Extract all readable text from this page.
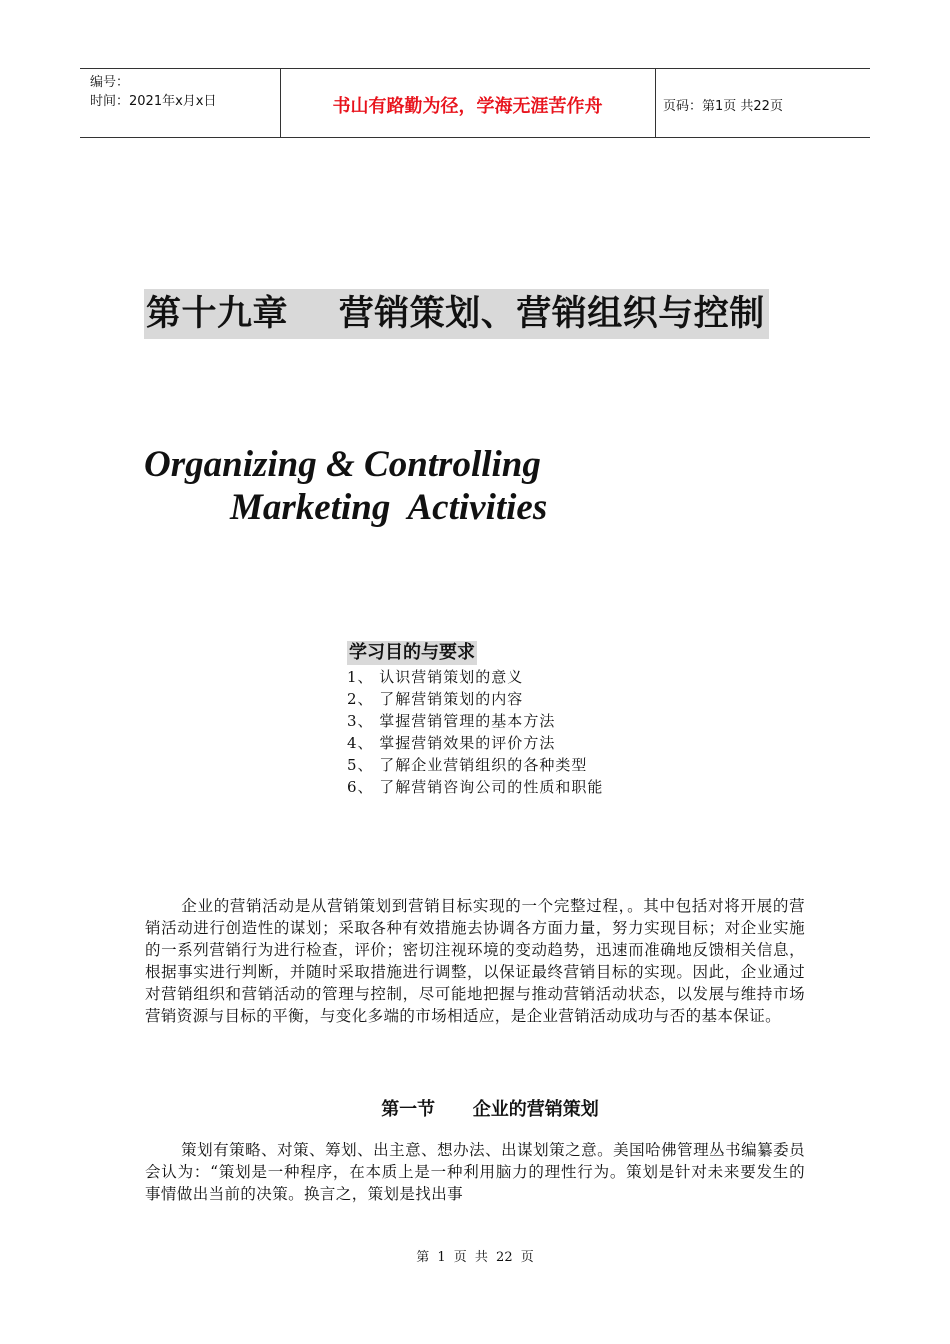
编号：
时间：2021年x月x日	书山有路勤为径，学海无涯苦作舟	页码：第1页 共22页
第十九章    营销策划、营销组织与控制
Organizing & Controlling
Marketing  Activities
学习目的与要求
1、 认识营销策划的意义
2、 了解营销策划的内容
3、 掌握营销管理的基本方法
4、 掌握营销效果的评价方法
5、 了解企业营销组织的各种类型
6、 了解营销咨询公司的性质和职能

企业的营销活动是从营销策划到营销目标实现的一个完整过程，。其中包括对将开展的营销活动进行创造性的谋划；采取各种有效措施去协调各方面力量，努力实现目标；对企业实施的一系列营销行为进行检查，评价；密切注视环境的变动趋势，迅速而准确地反馈相关信息，根据事实进行判断，并随时采取措施进行调整，以保证最终营销目标的实现。因此，企业通过对营销组织和营销活动的管理与控制，尽可能地把握与推动营销活动状态，以发展与维持市场营销资源与目标的平衡，与变化多端的市场相适应，是企业营销活动成功与否的基本保证。

第一节      企业的营销策划

策划有策略、对策、筹划、出主意、想办法、出谋划策之意。美国哈佛管理丛书编纂委员会认为：“策划是一种程序，在本质上是一种利用脑力的理性行为。策划是针对未来要发生的事情做出当前的决策。换言之，策划是找出事

第 1 页 共 22 页
